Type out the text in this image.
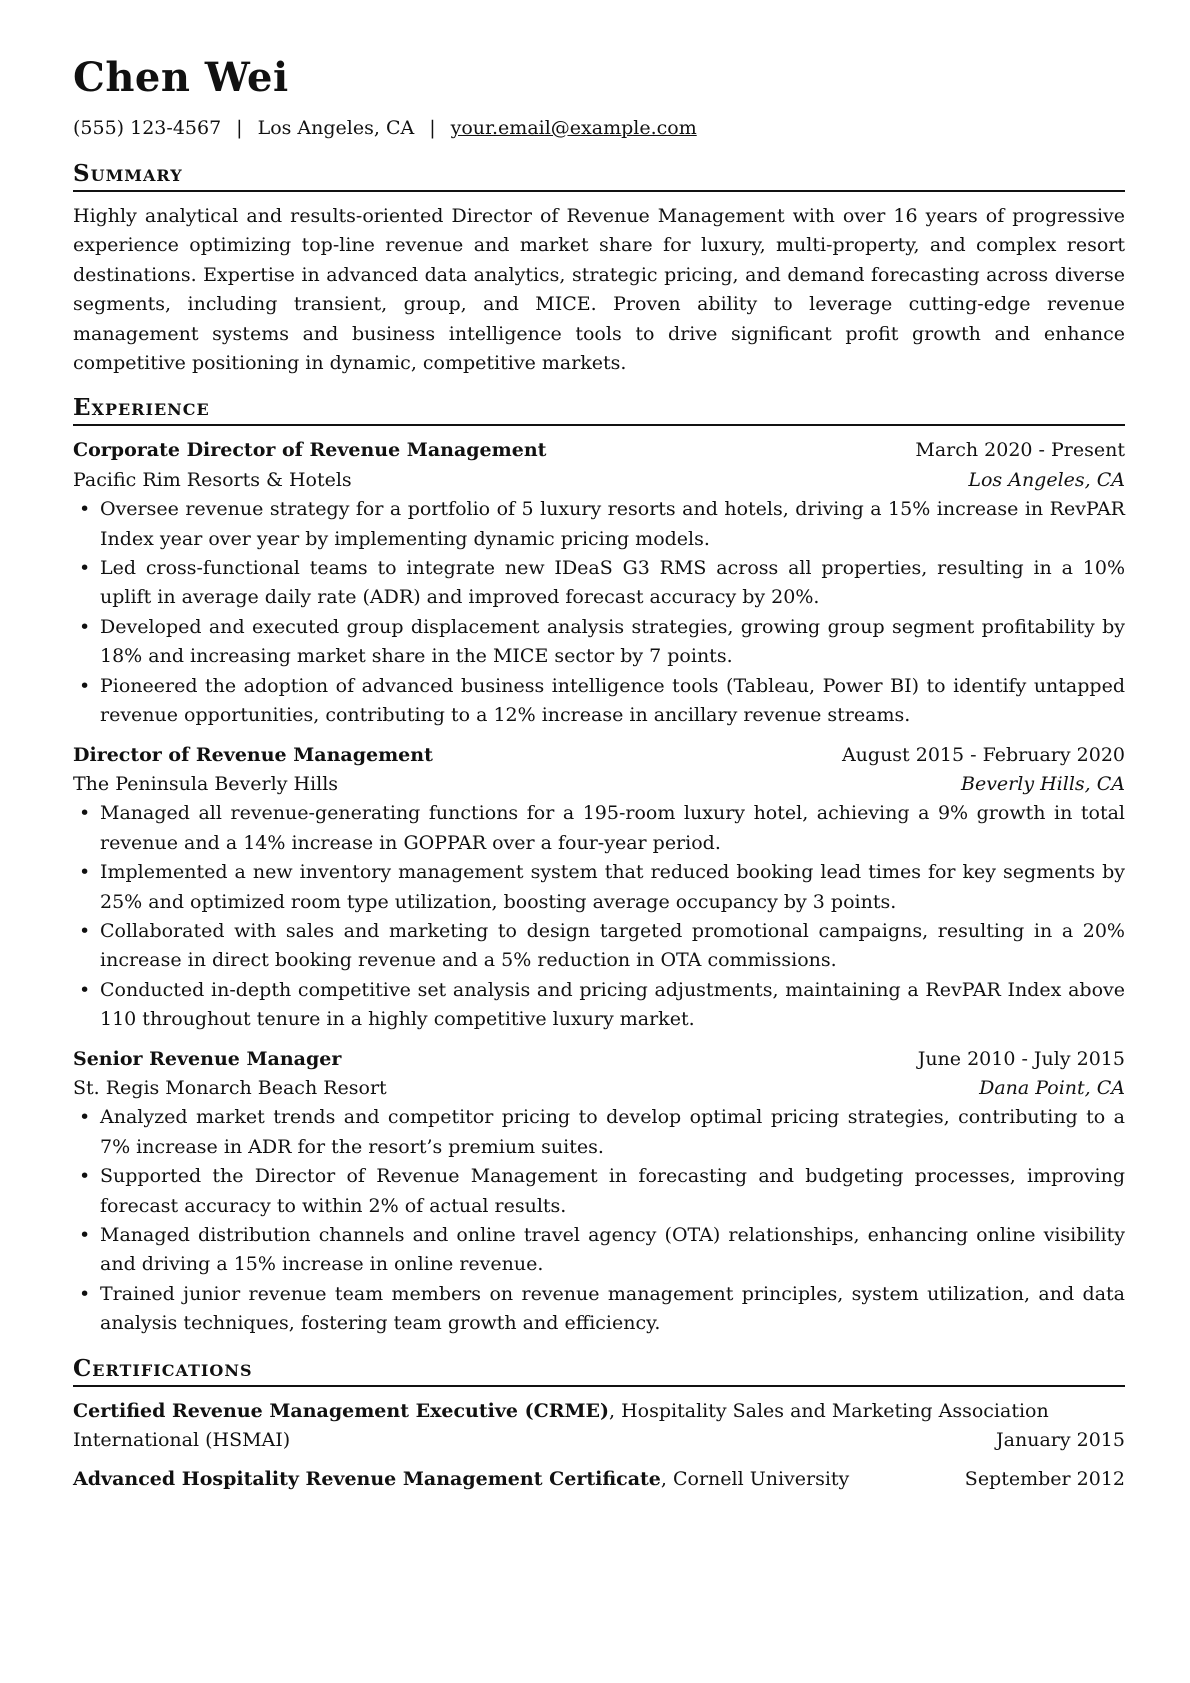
Chen Wei
(555) 123-4567 | Los Angeles, CA | your.email@example.com
Summary

Highly analytical and results-oriented Director of Revenue Management with over 16 years of progressive experience optimizing top-line revenue and market share for luxury, multi-property, and complex resort destinations. Expertise in advanced data analytics, strategic pricing, and demand forecasting across diverse segments, including transient, group, and MICE. Proven ability to leverage cutting-edge revenue management systems and business intelligence tools to drive significant profit growth and enhance competitive positioning in dynamic, competitive markets.

Experience
Corporate Director of Revenue Management	March 2020 - Present
Pacific Rim Resorts & Hotels	Los Angeles, CA
• Oversee revenue strategy for a portfolio of 5 luxury resorts and hotels, driving a 15% increase in RevPAR Index year over year by implementing dynamic pricing models.
• Led cross-functional teams to integrate new IDeaS G3 RMS across all properties, resulting in a 10% uplift in average daily rate (ADR) and improved forecast accuracy by 20%.
• Developed and executed group displacement analysis strategies, growing group segment profitability by 18% and increasing market share in the MICE sector by 7 points.
• Pioneered the adoption of advanced business intelligence tools (Tableau, Power BI) to identify untapped revenue opportunities, contributing to a 12% increase in ancillary revenue streams.
Director of Revenue Management	August 2015 - February 2020
The Peninsula Beverly Hills	Beverly Hills, CA
• Managed all revenue-generating functions for a 195-room luxury hotel, achieving a 9% growth in total revenue and a 14% increase in GOPPAR over a four-year period.
• Implemented a new inventory management system that reduced booking lead times for key segments by 25% and optimized room type utilization, boosting average occupancy by 3 points.
• Collaborated with sales and marketing to design targeted promotional campaigns, resulting in a 20% increase in direct booking revenue and a 5% reduction in OTA commissions.
• Conducted in-depth competitive set analysis and pricing adjustments, maintaining a RevPAR Index above 110 throughout tenure in a highly competitive luxury market.
Senior Revenue Manager	June 2010 - July 2015
St. Regis Monarch Beach Resort	Dana Point, CA
• Analyzed market trends and competitor pricing to develop optimal pricing strategies, contributing to a 7% increase in ADR for the resort’s premium suites.
• Supported the Director of Revenue Management in forecasting and budgeting processes, improving forecast accuracy to within 2% of actual results.
• Managed distribution channels and online travel agency (OTA) relationships, enhancing online visibility and driving a 15% increase in online revenue.
• Trained junior revenue team members on revenue management principles, system utilization, and data analysis techniques, fostering team growth and efficiency.
Certifications
Certified Revenue Management Executive (CRME), Hospitality Sales and Marketing Association
International (HSMAI)	January 2015
Advanced Hospitality Revenue Management Certificate, Cornell University	September 2012
